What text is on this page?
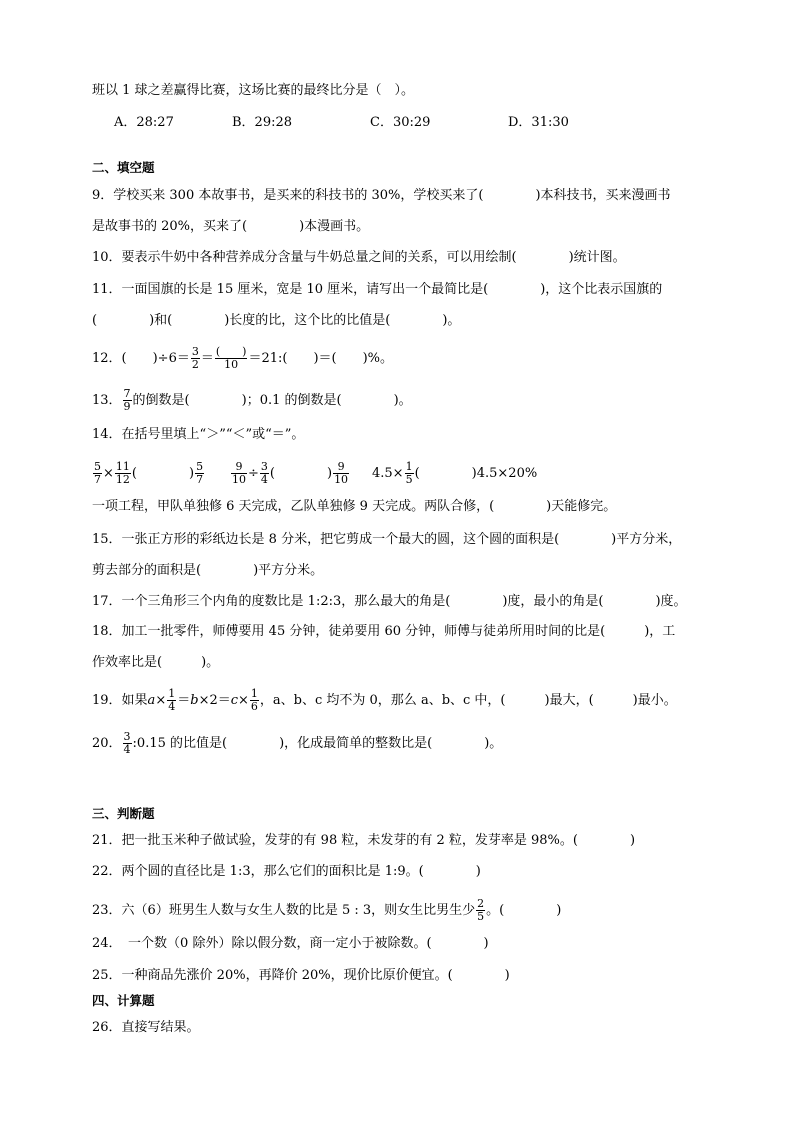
班以 1 球之差赢得比赛，这场比赛的最终比分是（　）。
A．28:27	B．29:28	C．30:29	D．31:30
二、填空题
9．学校买来 300 本故事书，是买来的科技书的 30%，学校买来了(　　　　)本科技书，买来漫画书
是故事书的 20%，买来了(　　　　)本漫画书。
10．要表示牛奶中各种营养成分含量与牛奶总量之间的关系，可以用绘制(　　　　)统计图。
11．一面国旗的长是 15 厘米，宽是 10 厘米，请写出一个最简比是(　　　　)，这个比表示国旗的
(　　　　)和(　　　　)长度的比，这个比的比值是(　　　　)。
12．(　　)$\div 6= \frac{3}{2}$ ＝ (　　)
10 ＝21:(　　)＝(　　)%。
13． $\frac{7}{9}$ 的倒数是(　　　　)；0.1 的倒数是(　　　　)。
14．在括号里填上“＞”“＜”或“＝”。
$\frac{5}{7} \times \frac{11}{12}$ (　　　　) $\frac{5}{7} \frac{9}{10} \div \frac{3}{4}$ (　　　　) $\frac{9}{10} 4.5\times \frac{1}{5}$ (　　　　)4.5×20%
一项工程，甲队单独修 6 天完成，乙队单独修 9 天完成。两队合修，(　　　　)天能修完。
15．一张正方形的彩纸边长是 8 分米，把它剪成一个最大的圆，这个圆的面积是(　　　　)平方分米，
剪去部分的面积是(　　　　)平方分米。
17．一个三角形三个内角的度数比是 1:2:3，那么最大的角是(　　　　)度，最小的角是(　　　　)度。
18．加工一批零件，师傅要用 45 分钟，徒弟要用 60 分钟，师傅与徒弟所用时间的比是(　　　)，工
作效率比是(　　　)。
19．如果$a\times \frac{1}{4} =b\times 2=c\times \frac{1}{6}$ ，a、b、c 均不为 0，那么 a、b、c 中，(　　　)最大，(　　　)最小。
20． $\frac{3}{4}$ :0.15 的比值是(　　　　)，化成最简单的整数比是(　　　　)。
三、判断题
21．把一批玉米种子做试验，发芽的有 98 粒，未发芽的有 2 粒，发芽率是 98%。(　　　　)
22．两个圆的直径比是 1:3，那么它们的面积比是 1:9。(　　　　)
23．六（6）班男生人数与女生人数的比是 5 : 3，则女生比男生少 $\frac{2}{5}$ 。(　　　　)
24．　一个数（0 除外）除以假分数，商一定小于被除数。(　　　　)
25．一种商品先涨价 20%，再降价 20%，现价比原价便宜。(　　　　)
四、计算题
26．直接写结果。
